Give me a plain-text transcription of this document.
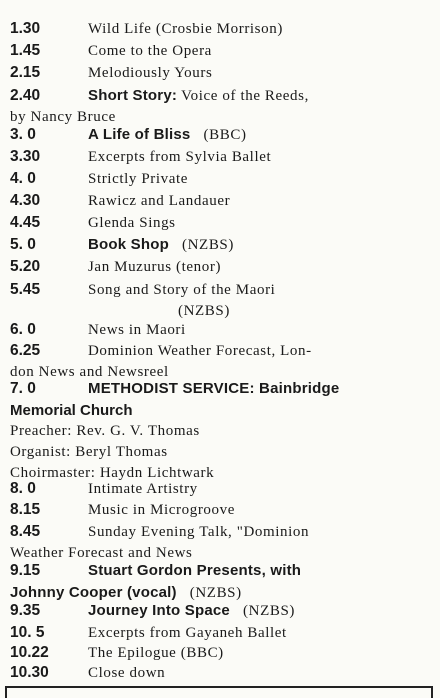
1.30	Wild Life (Crosbie Morrison)
1.45	Come to the Opera
2.15	Melodiously Yours
2.40	Short Story: Voice of the Reeds,
by Nancy Bruce
3. 0	A Life of Bliss (BBC)
3.30	Excerpts from Sylvia Ballet
4. 0	Strictly Private
4.30	Rawicz and Landauer
4.45	Glenda Sings
5. 0	Book Shop (NZBS)
5.20	Jan Muzurus (tenor)
5.45	Song and Story of the Maori
(NZBS)
6. 0	News in Maori
6.25	Dominion Weather Forecast, Lon-
don News and Newsreel
7. 0	METHODIST SERVICE: Bainbridge
Memorial Church
Preacher: Rev. G. V. Thomas
Organist: Beryl Thomas
Choirmaster: Haydn Lichtwark
8. 0	Intimate Artistry
8.15	Music in Microgroove
8.45	Sunday Evening Talk, "Dominion
Weather Forecast and News
9.15	Stuart Gordon Presents, with
Johnny Cooper (vocal) (NZBS)
9.35	Journey Into Space (NZBS)
10. 5	Excerpts from Gayaneh Ballet
10.22	The Epilogue (BBC)
10.30	Close down
